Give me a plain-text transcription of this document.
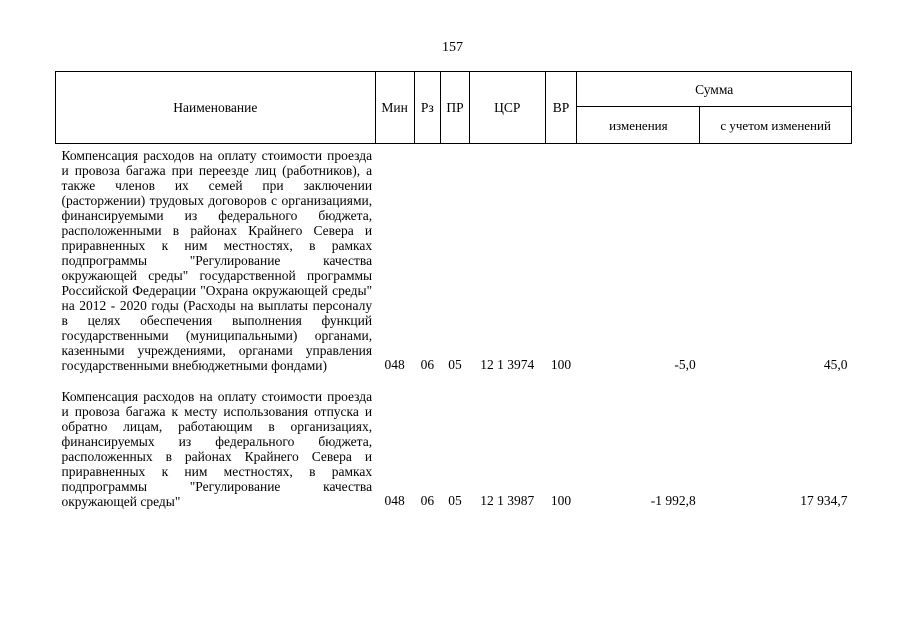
157
Наименование	Мин	Рз	ПР	ЦСР	ВР	Сумма	
						изменения	с учетом изменений
Компенсация расходов на оплату стоимости проезда и провоза багажа при переезде лиц (работников), а также членов их семей при заключении (расторжении) трудовых договоров с организациями, финансируемыми из федерального бюджета, расположенными в районах Крайнего Севера и приравненных к ним местностях, в рамках подпрограммы "Регулирование качества окружающей среды" государственной программы Российской Федерации "Охрана окружающей среды" на 2012 - 2020 годы (Расходы на выплаты персоналу в целях обеспечения выполнения функций государственными (муниципальными) органами, казенными учреждениями, органами управления государственными внебюджетными фондами)	048	06	05	12 1 3974	100	-5,0	45,0

Компенсация расходов на оплату стоимости проезда и провоза багажа к месту использования отпуска и обратно лицам, работающим в организациях, финансируемых из федерального бюджета, расположенных в районах Крайнего Севера и приравненных к ним местностях, в рамках подпрограммы "Регулирование качества окружающей среды"	048	06	05	12 1 3987	100	-1 992,8	17 934,7
